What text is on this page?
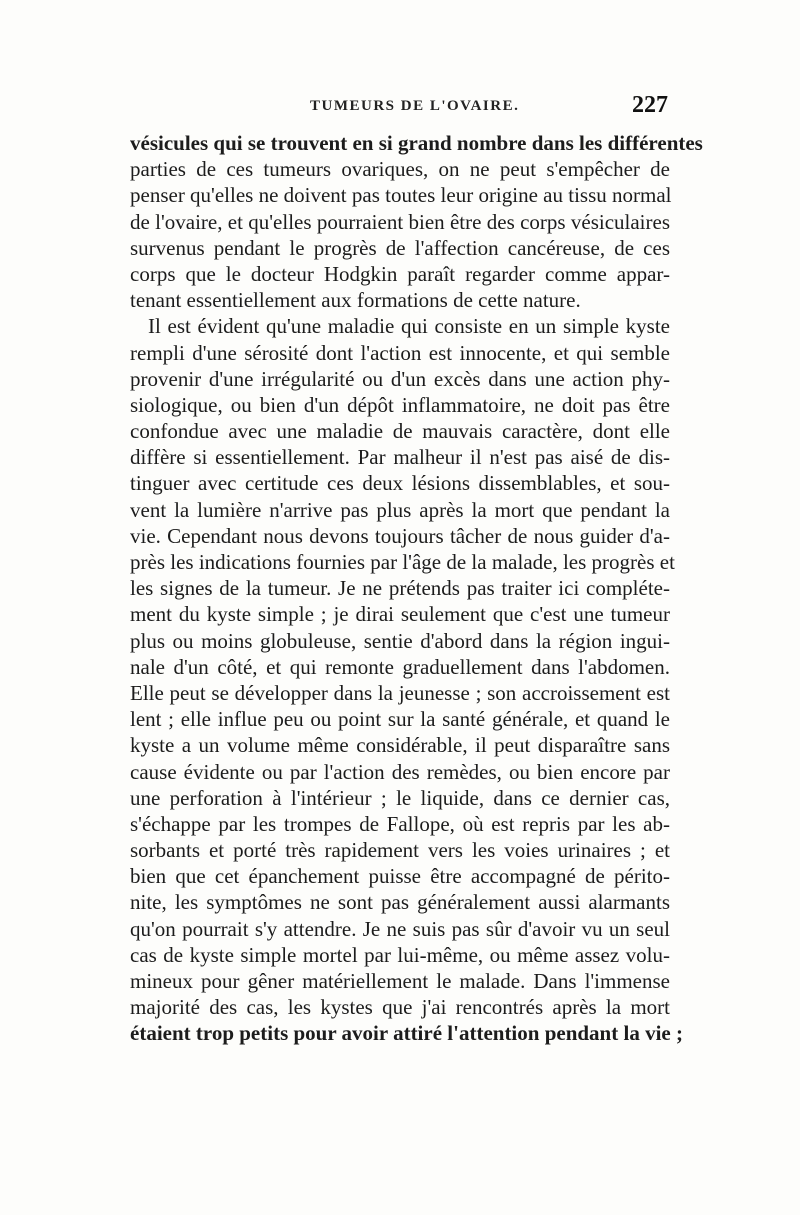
TUMEURS DE L'OVAIRE.	227
vésicules qui se trouvent en si grand nombre dans les différentes
parties de ces tumeurs ovariques, on ne peut s'empêcher de
penser qu'elles ne doivent pas toutes leur origine au tissu normal
de l'ovaire, et qu'elles pourraient bien être des corps vésiculaires
survenus pendant le progrès de l'affection cancéreuse, de ces
corps que le docteur Hodgkin paraît regarder comme appar-
tenant essentiellement aux formations de cette nature.
Il est évident qu'une maladie qui consiste en un simple kyste
rempli d'une sérosité dont l'action est innocente, et qui semble
provenir d'une irrégularité ou d'un excès dans une action phy-
siologique, ou bien d'un dépôt inflammatoire, ne doit pas être
confondue avec une maladie de mauvais caractère, dont elle
diffère si essentiellement. Par malheur il n'est pas aisé de dis-
tinguer avec certitude ces deux lésions dissemblables, et sou-
vent la lumière n'arrive pas plus après la mort que pendant la
vie. Cependant nous devons toujours tâcher de nous guider d'a-
près les indications fournies par l'âge de la malade, les progrès et
les signes de la tumeur. Je ne prétends pas traiter ici compléte-
ment du kyste simple ; je dirai seulement que c'est une tumeur
plus ou moins globuleuse, sentie d'abord dans la région ingui-
nale d'un côté, et qui remonte graduellement dans l'abdomen.
Elle peut se développer dans la jeunesse ; son accroissement est
lent ; elle influe peu ou point sur la santé générale, et quand le
kyste a un volume même considérable, il peut disparaître sans
cause évidente ou par l'action des remèdes, ou bien encore par
une perforation à l'intérieur ; le liquide, dans ce dernier cas,
s'échappe par les trompes de Fallope, où est repris par les ab-
sorbants et porté très rapidement vers les voies urinaires ; et
bien que cet épanchement puisse être accompagné de périto-
nite, les symptômes ne sont pas généralement aussi alarmants
qu'on pourrait s'y attendre. Je ne suis pas sûr d'avoir vu un seul
cas de kyste simple mortel par lui-même, ou même assez volu-
mineux pour gêner matériellement le malade. Dans l'immense
majorité des cas, les kystes que j'ai rencontrés après la mort
étaient trop petits pour avoir attiré l'attention pendant la vie ;
